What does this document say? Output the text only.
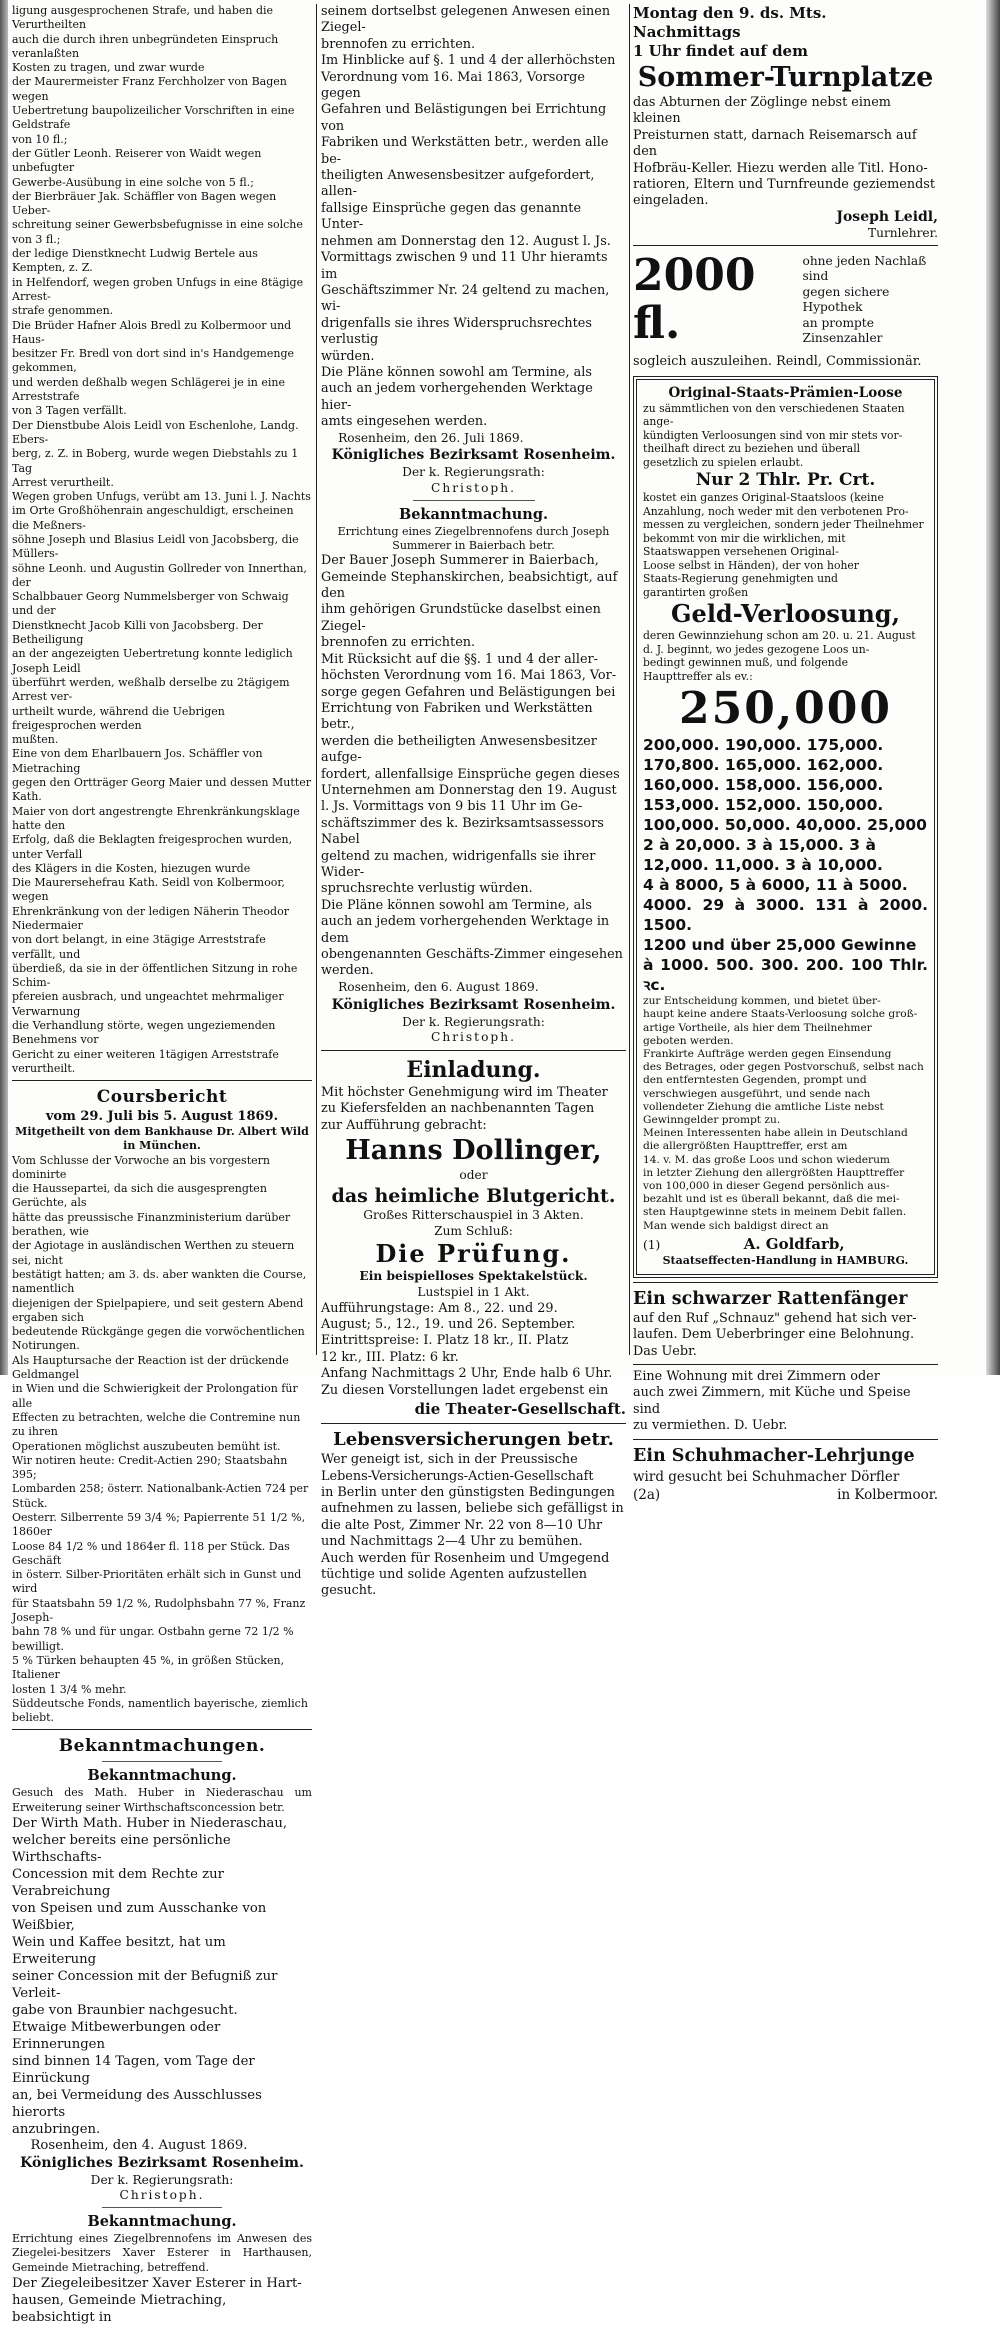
ligung ausgesprochenen Strafe, und haben die Verurtheilten
auch die durch ihren unbegründeten Einspruch veranlaßten
Kosten zu tragen, und zwar wurde
der Maurermeister Franz Ferchholzer von Bagen wegen
Uebertretung baupolizeilicher Vorschriften in eine Geldstrafe
von 10 fl.;
der Gütler Leonh. Reiserer von Waidt wegen unbefugter
Gewerbe-Ausübung in eine solche von 5 fl.;
der Bierbräuer Jak. Schäffler von Bagen wegen Ueber-
schreitung seiner Gewerbsbefugnisse in eine solche von 3 fl.;
der ledige Dienstknecht Ludwig Bertele aus Kempten, z. Z.
in Helfendorf, wegen groben Unfugs in eine 8tägige Arrest-
strafe genommen.
Die Brüder Hafner Alois Bredl zu Kolbermoor und Haus-
besitzer Fr. Bredl von dort sind in's Handgemenge gekommen,
und werden deßhalb wegen Schlägerei je in eine Arreststrafe
von 3 Tagen verfällt.
Der Dienstbube Alois Leidl von Eschenlohe, Landg. Ebers-
berg, z. Z. in Boberg, wurde wegen Diebstahls zu 1 Tag
Arrest verurtheilt.
Wegen groben Unfugs, verübt am 13. Juni l. J. Nachts
im Orte Großhöhenrain angeschuldigt, erscheinen die Meßners-
söhne Joseph und Blasius Leidl von Jacobsberg, die Müllers-
söhne Leonh. und Augustin Gollreder von Innerthan, der
Schalbbauer Georg Nummelsberger von Schwaig und der
Dienstknecht Jacob Killi von Jacobsberg. Der Betheiligung
an der angezeigten Uebertretung konnte lediglich Joseph Leidl
überführt werden, weßhalb derselbe zu 2tägigem Arrest ver-
urtheilt wurde, während die Uebrigen freigesprochen werden
mußten.
Eine von dem Eharlbauern Jos. Schäffler von Mietraching
gegen den Ortträger Georg Maier und dessen Mutter Kath.
Maier von dort angestrengte Ehrenkränkungsklage hatte den
Erfolg, daß die Beklagten freigesprochen wurden, unter Verfall
des Klägers in die Kosten, hiezugen wurde
Die Maurersehefrau Kath. Seidl von Kolbermoor, wegen
Ehrenkränkung von der ledigen Näherin Theodor Niedermaier
von dort belangt, in eine 3tägige Arreststrafe verfällt, und
überdieß, da sie in der öffentlichen Sitzung in rohe Schim-
pfereien ausbrach, und ungeachtet mehrmaliger Verwarnung
die Verhandlung störte, wegen ungeziemenden Benehmens vor
Gericht zu einer weiteren 1tägigen Arreststrafe verurtheilt.
Coursbericht
vom 29. Juli bis 5. August 1869.
Mitgetheilt von dem Bankhause Dr. Albert Wild
in München.
Vom Schlusse der Vorwoche an bis vorgestern dominirte
die Haussepartei, da sich die ausgesprengten Gerüchte, als
hätte das preussische Finanzministerium darüber berathen, wie
der Agiotage in ausländischen Werthen zu steuern sei, nicht
bestätigt hatten; am 3. ds. aber wankten die Course, namentlich
diejenigen der Spielpapiere, und seit gestern Abend ergaben sich
bedeutende Rückgänge gegen die vorwöchentlichen Notirungen.
Als Hauptursache der Reaction ist der drückende Geldmangel
in Wien und die Schwierigkeit der Prolongation für alle
Effecten zu betrachten, welche die Contremine nun zu ihren
Operationen möglichst auszubeuten bemüht ist.
Wir notiren heute: Credit-Actien 290; Staatsbahn 395;
Lombarden 258; österr. Nationalbank-Actien 724 per Stück.
Oesterr. Silberrente 59 3/4 %; Papierrente 51 1/2 %, 1860er
Loose 84 1/2 % und 1864er fl. 118 per Stück. Das Geschäft
in österr. Silber-Prioritäten erhält sich in Gunst und wird
für Staatsbahn 59 1/2 %, Rudolphsbahn 77 %, Franz Joseph-
bahn 78 % und für ungar. Ostbahn gerne 72 1/2 % bewilligt.
5 % Türken behaupten 45 %, in größen Stücken, Italiener
losten 1 3/4 % mehr.
Süddeutsche Fonds, namentlich bayerische, ziemlich beliebt.
Bekanntmachungen.
Bekanntmachung.

Gesuch des Math. Huber in Niederaschau um Erweiterung seiner Wirthschaftsconcession betr.

Der Wirth Math. Huber in Niederaschau,
welcher bereits eine persönliche Wirthschafts-
Concession mit dem Rechte zur Verabreichung
von Speisen und zum Ausschanke von Weißbier,
Wein und Kaffee besitzt, hat um Erweiterung
seiner Concession mit der Befugniß zur Verleit-
gabe von Braunbier nachgesucht.
Etwaige Mitbewerbungen oder Erinnerungen
sind binnen 14 Tagen, vom Tage der Einrückung
an, bei Vermeidung des Ausschlusses hierorts
anzubringen.

Rosenheim, den 4. August 1869.

Königliches Bezirksamt Rosenheim.
Der k. Regierungsrath:
Christoph.
Bekanntmachung.

Errichtung eines Ziegelbrennofens im Anwesen des Ziegelei-besitzers Xaver Esterer in Harthausen, Gemeinde Mietraching, betreffend.

Der Ziegeleibesitzer Xaver Esterer in Hart-
hausen, Gemeinde Mietraching, beabsichtigt in
seinem dortselbst gelegenen Anwesen einen Ziegel-
brennofen zu errichten.
Im Hinblicke auf §. 1 und 4 der allerhöchsten
Verordnung vom 16. Mai 1863, Vorsorge gegen
Gefahren und Belästigungen bei Errichtung von
Fabriken und Werkstätten betr., werden alle be-
theiligten Anwesensbesitzer aufgefordert, allen-
fallsige Einsprüche gegen das genannte Unter-
nehmen am Donnerstag den 12. August l. Js.
Vormittags zwischen 9 und 11 Uhr hieramts im
Geschäftszimmer Nr. 24 geltend zu machen, wi-
drigenfalls sie ihres Widerspruchsrechtes verlustig
würden.
Die Pläne können sowohl am Termine, als
auch an jedem vorhergehenden Werktage hier-
amts eingesehen werden.

Rosenheim, den 26. Juli 1869.

Königliches Bezirksamt Rosenheim.
Der k. Regierungsrath:
Christoph.
Bekanntmachung.

Errichtung eines Ziegelbrennofens durch Joseph Summerer in Baierbach betr.

Der Bauer Joseph Summerer in Baierbach,
Gemeinde Stephanskirchen, beabsichtigt, auf den
ihm gehörigen Grundstücke daselbst einen Ziegel-
brennofen zu errichten.
Mit Rücksicht auf die §§. 1 und 4 der aller-
höchsten Verordnung vom 16. Mai 1863, Vor-
sorge gegen Gefahren und Belästigungen bei
Errichtung von Fabriken und Werkstätten betr.,
werden die betheiligten Anwesensbesitzer aufge-
fordert, allenfallsige Einsprüche gegen dieses
Unternehmen am Donnerstag den 19. August
l. Js. Vormittags von 9 bis 11 Uhr im Ge-
schäftszimmer des k. Bezirksamtsassessors Nabel
geltend zu machen, widrigenfalls sie ihrer Wider-
spruchsrechte verlustig würden.
Die Pläne können sowohl am Termine, als
auch an jedem vorhergehenden Werktage in dem
obengenannten Geschäfts-Zimmer eingesehen
werden.

Rosenheim, den 6. August 1869.

Königliches Bezirksamt Rosenheim.
Der k. Regierungsrath:
Christoph.
Einladung.
Mit höchster Genehmigung wird im Theater
zu Kiefersfelden an nachbenannten Tagen
zur Aufführung gebracht:
Hanns Dollinger,
oder
das heimliche Blutgericht.
Großes Ritterschauspiel in 3 Akten.
Zum Schluß:
Die Prüfung.
Ein beispielloses Spektakelstück.
Lustspiel in 1 Akt.
Aufführungstage: Am 8., 22. und 29.
August; 5., 12., 19. und 26. September.
Eintrittspreise: I. Platz 18 kr., II. Platz
12 kr., III. Platz: 6 kr.
Anfang Nachmittags 2 Uhr, Ende halb 6 Uhr.
Zu diesen Vorstellungen ladet ergebenst ein
die Theater-Gesellschaft.
Lebensversicherungen betr.
Wer geneigt ist, sich in der Preussische
Lebens-Versicherungs-Actien-Gesellschaft
in Berlin unter den günstigsten Bedingungen
aufnehmen zu lassen, beliebe sich gefälligst in
die alte Post, Zimmer Nr. 22 von 8—10 Uhr
und Nachmittags 2—4 Uhr zu bemühen.
Auch werden für Rosenheim und Umgegend
tüchtige und solide Agenten aufzustellen
gesucht.
Montag den 9. ds. Mts. Nachmittags
1 Uhr findet auf dem
Sommer-Turnplatze
das Abturnen der Zöglinge nebst einem kleinen
Preisturnen statt, darnach Reisemarsch auf den
Hofbräu-Keller. Hiezu werden alle Titl. Hono-
ratioren, Eltern und Turnfreunde geziemendst
eingeladen.
Joseph Leidl,
Turnlehrer.
2000 fl.
ohne jeden Nachlaß sind
gegen sichere Hypothek
an prompte Zinsenzahler
sogleich auszuleihen. Reindl, Commissionär.
Original-Staats-Prämien-Loose
zu sämmtlichen von den verschiedenen Staaten ange-
kündigten Verloosungen sind von mir stets vor-
theilhaft direct zu beziehen und überall
gesetzlich zu spielen erlaubt.
Nur 2 Thlr. Pr. Crt.
kostet ein ganzes Original-Staatsloos (keine
Anzahlung, noch weder mit den verbotenen Pro-
messen zu vergleichen, sondern jeder Theilnehmer
bekommt von mir die wirklichen, mit
Staatswappen versehenen Original-
Loose selbst in Händen), der von hoher
Staats-Regierung genehmigten und
garantirten großen
Geld-Verloosung,
deren Gewinnziehung schon am 20. u. 21. August
d. J. beginnt, wo jedes gezogene Loos un-
bedingt gewinnen muß, und folgende
Haupttreffer als ev.:
250,000
200,000. 190,000. 175,000.
170,800. 165,000. 162,000.
160,000. 158,000. 156,000.
153,000. 152,000. 150,000.
100,000. 50,000. 40,000. 25,000
2 à 20,000. 3 à 15,000. 3 à
12,000. 11,000. 3 à 10,000.
4 à 8000, 5 à 6000, 11 à 5000.
4000. 29 à 3000. 131 à 2000. 1500.
1200 und über 25,000 Gewinne
à 1000. 500. 300. 200. 100 Thlr. ꝛc.
zur Entscheidung kommen, und bietet über-
haupt keine andere Staats-Verloosung solche groß-
artige Vortheile, als hier dem Theilnehmer
geboten werden.
Frankirte Aufträge werden gegen Einsendung
des Betrages, oder gegen Postvorschuß, selbst nach
den entferntesten Gegenden, prompt und
verschwiegen ausgeführt, und sende nach
vollendeter Ziehung die amtliche Liste nebst
Gewinngelder prompt zu.
Meinen Interessenten habe allein in Deutschland
die allergrößten Haupttreffer, erst am
14. v. M. das große Loos und schon wiederum
in letzter Ziehung den allergrößten Haupttreffer
von 100,000 in dieser Gegend persönlich aus-
bezahlt und ist es überall bekannt, daß die mei-
sten Hauptgewinne stets in meinem Debit fallen.
Man wende sich baldigst direct an
(1)	A. Goldfarb,
Staatseffecten-Handlung in HAMBURG.
Ein schwarzer Rattenfänger
auf den Ruf „Schnauz" gehend hat sich ver-
laufen. Dem Ueberbringer eine Belohnung.
Das Uebr.
Eine Wohnung mit drei Zimmern oder
auch zwei Zimmern, mit Küche und Speise sind
zu vermiethen. D. Uebr.
Ein Schuhmacher-Lehrjunge
wird gesucht bei Schuhmacher Dörfler
(2a)	in Kolbermoor.
